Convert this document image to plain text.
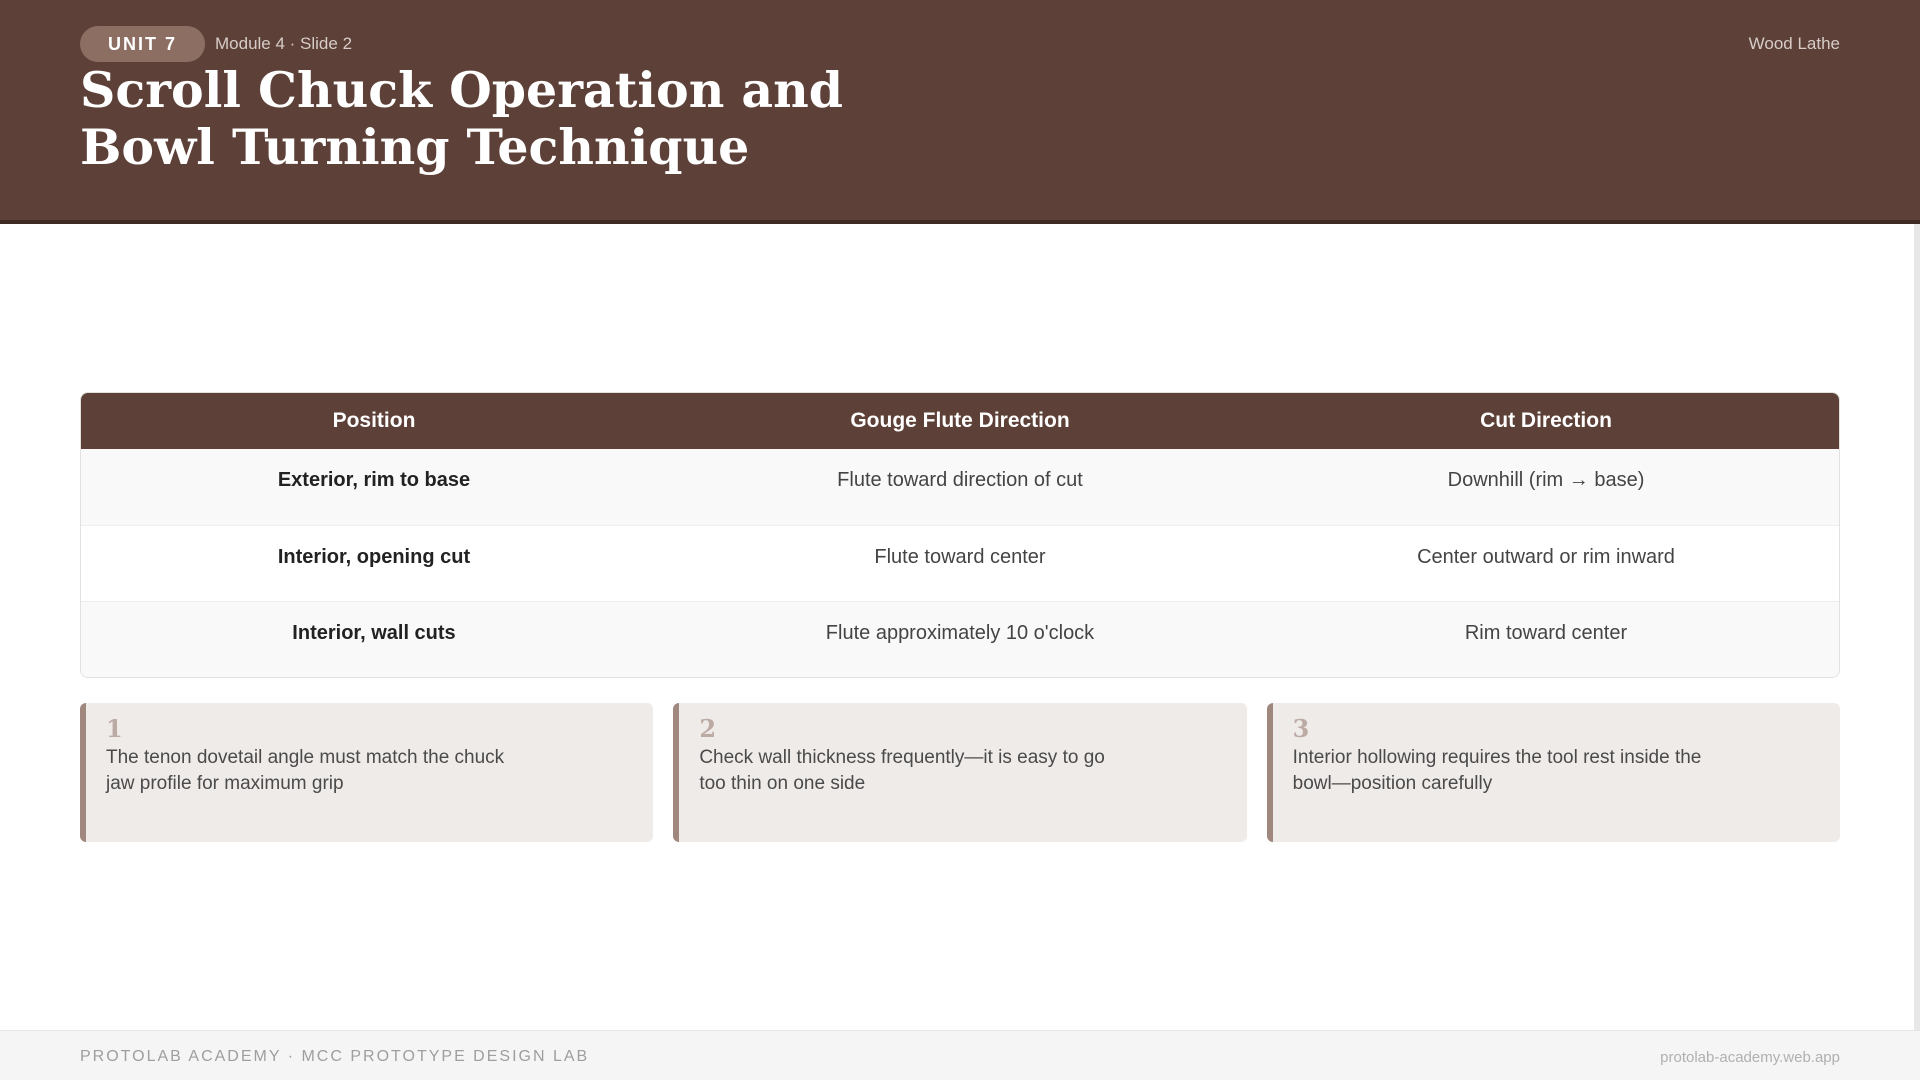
UNIT 7	Module 4 · Slide 2	Wood Lathe
Scroll Chuck Operation and Bowl Turning Technique
Position	Gouge Flute Direction	Cut Direction
Exterior, rim to base	Flute toward direction of cut	Downhill (rim → base)
Interior, opening cut	Flute toward center	Center outward or rim inward
Interior, wall cuts	Flute approximately 10 o'clock	Rim toward center
1
The tenon dovetail angle must match the chuck jaw profile for maximum grip
2
Check wall thickness frequently—it is easy to go too thin on one side
3
Interior hollowing requires the tool rest inside the bowl—position carefully
PROTOLAB ACADEMY · MCC PROTOTYPE DESIGN LAB	protolab-academy.web.app
